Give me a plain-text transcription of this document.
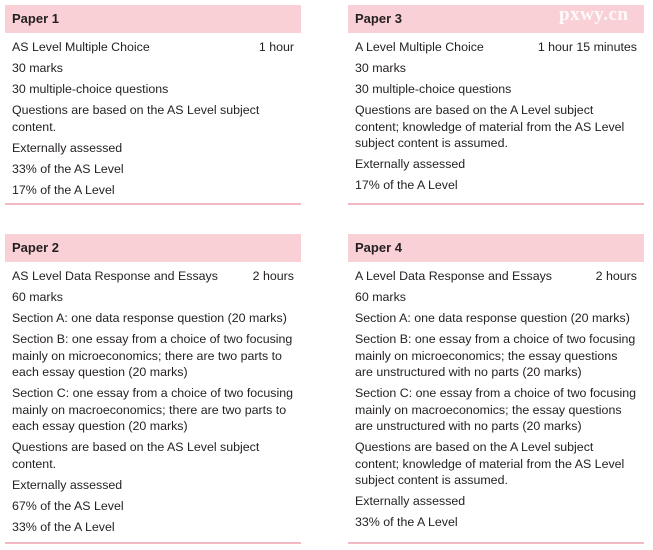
Paper 1
AS Level Multiple Choice	1 hour
30 marks
30 multiple-choice questions
Questions are based on the AS Level subject content.
Externally assessed
33% of the AS Level
17% of the A Level
Paper 3
A Level Multiple Choice	1 hour 15 minutes
30 marks
30 multiple-choice questions
Questions are based on the A Level subject content; knowledge of material from the AS Level subject content is assumed.
Externally assessed
17% of the A Level
Paper 2
AS Level Data Response and Essays	2 hours
60 marks
Section A: one data response question (20 marks)
Section B: one essay from a choice of two focusing mainly on microeconomics; there are two parts to each essay question (20 marks)
Section C: one essay from a choice of two focusing mainly on macroeconomics; there are two parts to each essay question (20 marks)
Questions are based on the AS Level subject content.
Externally assessed
67% of the AS Level
33% of the A Level
Paper 4
A Level Data Response and Essays	2 hours
60 marks
Section A: one data response question (20 marks)
Section B: one essay from a choice of two focusing mainly on microeconomics; the essay questions are unstructured with no parts (20 marks)
Section C: one essay from a choice of two focusing mainly on macroeconomics; the essay questions are unstructured with no parts (20 marks)
Questions are based on the A Level subject content; knowledge of material from the AS Level subject content is assumed.
Externally assessed
33% of the A Level
pxwy.cn
